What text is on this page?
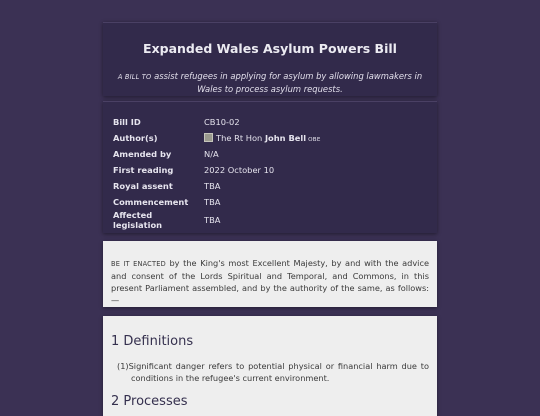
Expanded Wales Asylum Powers Bill
A BILL TO assist refugees in applying for asylum by allowing lawmakers in Wales to process asylum requests.
Bill ID	CB10-02
Author(s)	The Rt Hon John Bell OBE
Amended by	N/A
First reading	2022 October 10
Royal assent	TBA
Commencement	TBA
Affected legislation	TBA

BE IT ENACTED by the King's most Excellent Majesty, by and with the advice and consent of the Lords Spiritual and Temporal, and Commons, in this present Parliament assembled, and by the authority of the same, as follows:—

1 Definitions
(1)Significant danger refers to potential physical or financial harm due to conditions in the refugee's current environment.
2 Processes
